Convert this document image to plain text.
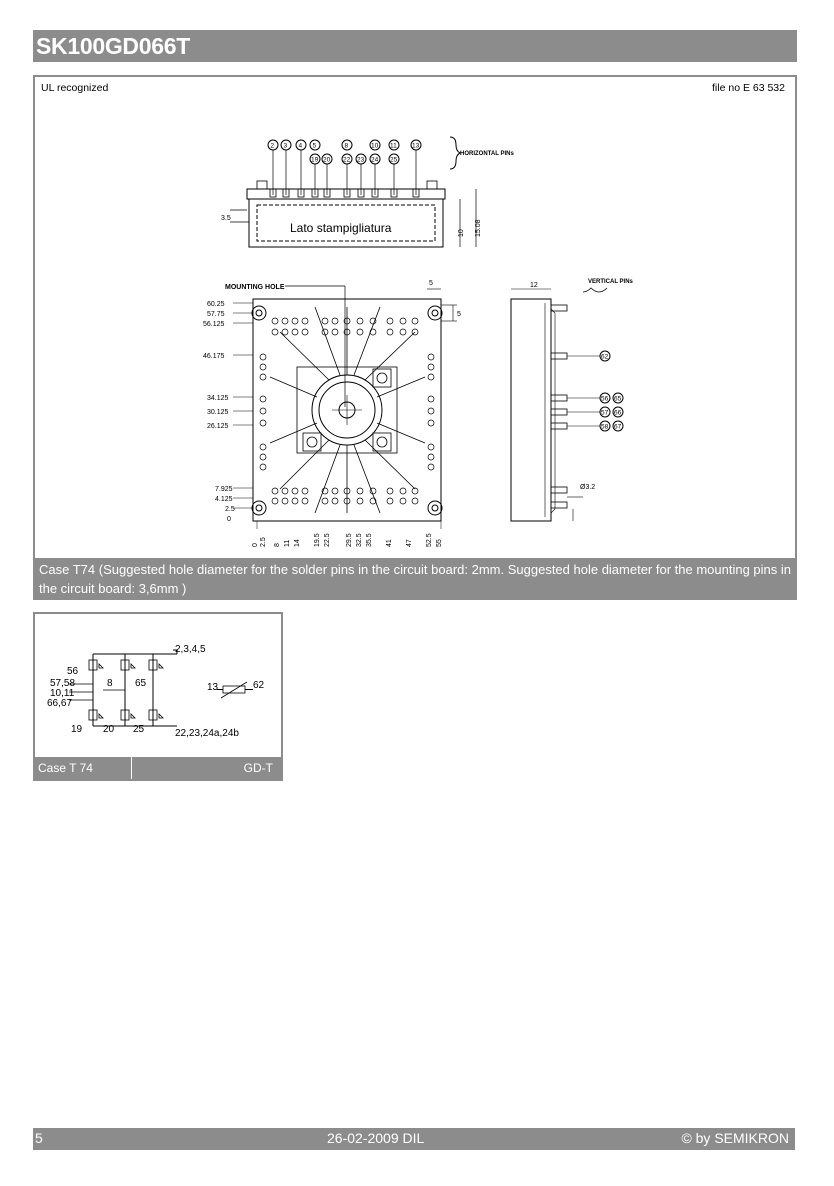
SK100GD066T
UL recognized	file no E 63 532
HORIZONTAL PINs
2 3 4 5	8	10 11 13
19 20 22 23 24 25
Lato stampigliatura
3.5
10 15.08
MOUNTING HOLE
60.25
57.75
56.125
46.175
34.125
30.125
26.125
7.925
4.125
2.5
0
0 2.5 8 11 14 19.5 22.5 29.5 32.5 35.5 41 47 52.5 55
5
5
12	VERTICAL PINs
62
56 65
57 66
58 67
Ø3.2
Case T74 (Suggested hole diameter for the solder pins in the circuit board: 2mm. Suggested hole diameter for the mounting pins in the circuit board: 3,6mm )
2,3,4,5
56
57,58
10,11
66,67
8 65
19 20 25	22,23,24a,24b
13	62
Case T 74	GD-T
5	26-02-2009 DIL	© by SEMIKRON
